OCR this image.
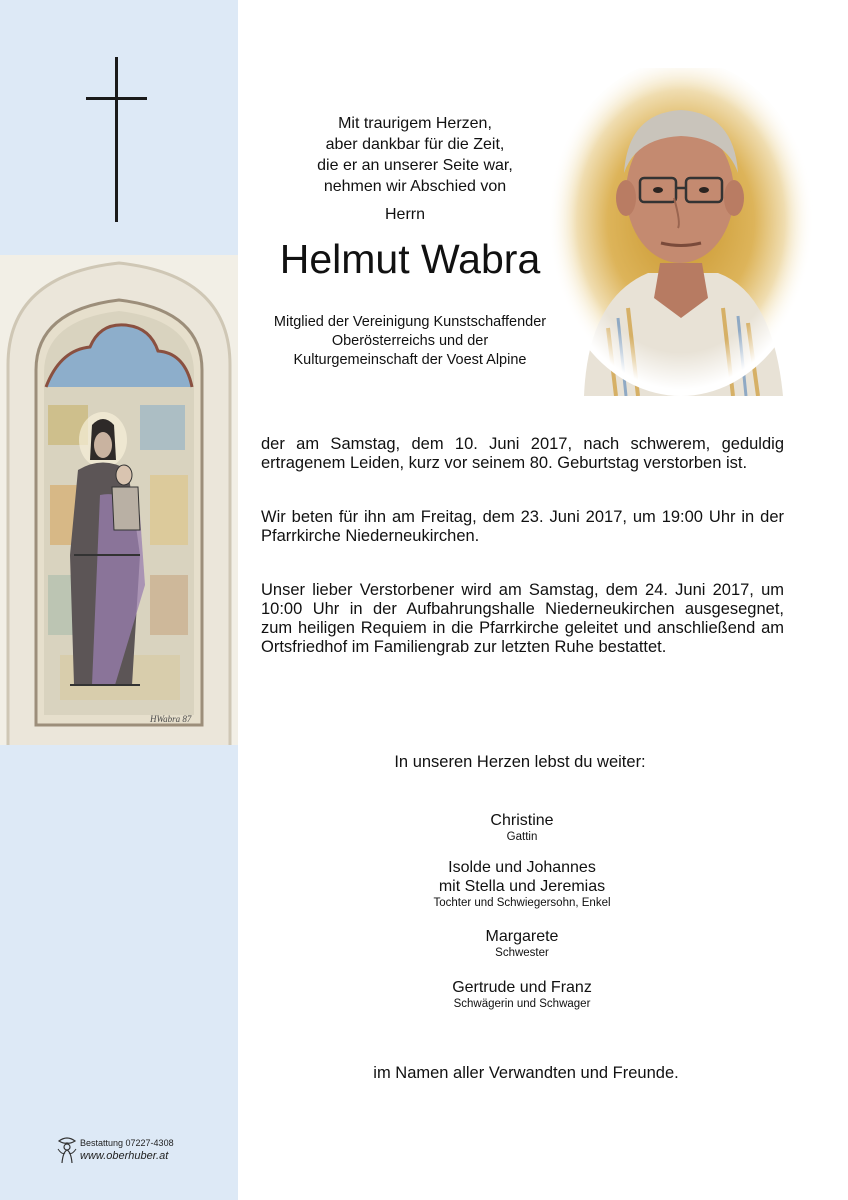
HWabra 87
Mit traurigem Herzen,
aber dankbar für die Zeit,
die er an unserer Seite war,
nehmen wir Abschied von
Herrn
Helmut Wabra
Mitglied der Vereinigung Kunstschaffender
Oberösterreichs und der
Kulturgemeinschaft der Voest Alpine
der am Samstag, dem 10. Juni 2017, nach schwerem, geduldig ertragenem Leiden, kurz vor seinem 80. Geburtstag verstorben ist.
Wir beten für ihn am Freitag, dem 23. Juni 2017, um 19:00 Uhr in der Pfarrkirche Niederneukirchen.
Unser lieber Verstorbener wird am Samstag, dem 24. Juni 2017, um 10:00 Uhr in der Aufbahrungshalle Niederneukirchen ausgesegnet, zum heiligen Requiem in die Pfarrkirche geleitet und anschließend am Ortsfriedhof im Familiengrab zur letzten Ruhe bestattet.
In unseren Herzen lebst du weiter:
Christine
Gattin
Isolde und Johannes
mit Stella und Jeremias
Tochter und Schwiegersohn, Enkel
Margarete
Schwester
Gertrude und Franz
Schwägerin und Schwager
im Namen aller Verwandten und Freunde.
Bestattung 07227-4308
www.oberhuber.at
